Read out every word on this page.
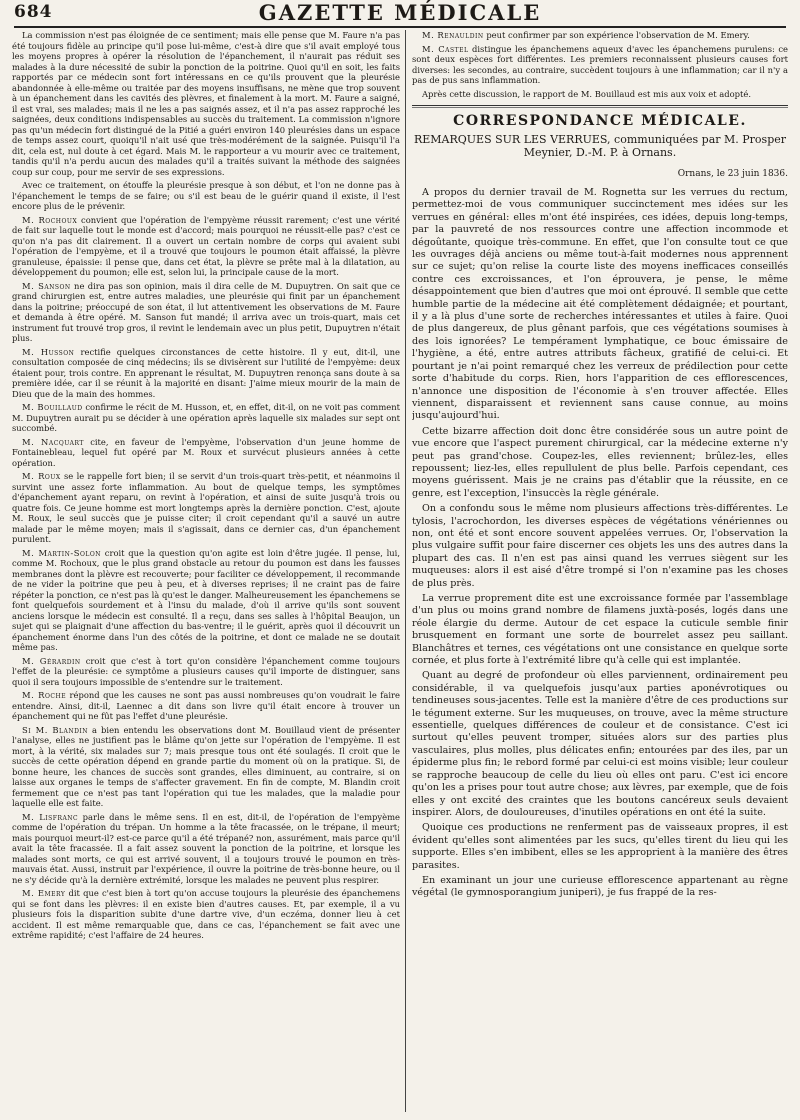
684	GAZETTE MÉDICALE

La commission n'est pas éloignée de ce sentiment; mais elle pense que M. Faure n'a pas été toujours fidèle au principe qu'il pose lui-même, c'est-à dire que s'il avait employé tous les moyens propres à opérer la résolution de l'épanchement, il n'aurait pas réduit ses malades à la dure nécessité de subir la ponction de la poitrine. Quoi qu'il en soit, les faits rapportés par ce médecin sont fort intéressans en ce qu'ils prouvent que la pleurésie abandonnée à elle-même ou traitée par des moyens insuffisans, ne mène que trop souvent à un épanchement dans les cavités des plèvres, et finalement à la mort. M. Faure a saigné, il est vrai, ses malades; mais il ne les a pas saignés assez, et il n'a pas assez rapproché les saignées, deux conditions indispensables au succès du traitement. La commission n'ignore pas qu'un médecin fort distingué de la Pitié a guéri environ 140 pleurésies dans un espace de temps assez court, quoiqu'il n'ait usé que très-modérément de la saignée. Puisqu'il l'a dit, cela est, nul doute à cet égard. Mais M. le rapporteur a vu mourir avec ce traitement, tandis qu'il n'a perdu aucun des malades qu'il a traités suivant la méthode des saignées coup sur coup, pour me servir de ses expressions.

Avec ce traitement, on étouffe la pleurésie presque à son début, et l'on ne donne pas à l'épanchement le temps de se faire; ou s'il est beau de le guérir quand il existe, il l'est encore plus de le prévenir.

M. Rochoux convient que l'opération de l'empyème réussit rarement; c'est une vérité de fait sur laquelle tout le monde est d'accord; mais pourquoi ne réussit-elle pas? c'est ce qu'on n'a pas dit clairement. Il a ouvert un certain nombre de corps qui avaient subi l'opération de l'empyème, et il a trouvé que toujours le poumon était affaissé, la plèvre granuleuse, épaissie: il pense que, dans cet état, la plèvre se prête mal à la dilatation, au développement du poumon; elle est, selon lui, la principale cause de la mort.

M. Sanson ne dira pas son opinion, mais il dira celle de M. Dupuytren. On sait que ce grand chirurgien est, entre autres maladies, une pleurésie qui finit par un épanchement dans la poitrine; préoccupé de son état, il lut attentivement les observations de M. Faure et demanda à être opéré. M. Sanson fut mandé; il arriva avec un trois-quart, mais cet instrument fut trouvé trop gros, il revint le lendemain avec un plus petit, Dupuytren n'était plus.

M. Husson rectifie quelques circonstances de cette histoire. Il y eut, dit-il, une consultation composée de cinq médecins; ils se divisèrent sur l'utilité de l'empyème: deux étaient pour, trois contre. En apprenant le résultat, M. Dupuytren renonça sans doute à sa première idée, car il se réunit à la majorité en disant: J'aime mieux mourir de la main de Dieu que de la main des hommes.

M. Bouillaud confirme le récit de M. Husson, et, en effet, dit-il, on ne voit pas comment M. Dupuytren aurait pu se décider à une opération après laquelle six malades sur sept ont succombé.

M. Nacquart cite, en faveur de l'empyème, l'observation d'un jeune homme de Fontainebleau, lequel fut opéré par M. Roux et survécut plusieurs années à cette opération.

M. Roux se le rappelle fort bien; il se servit d'un trois-quart très-petit, et néanmoins il survint une assez forte inflammation. Au bout de quelque temps, les symptômes d'épanchement ayant reparu, on revint à l'opération, et ainsi de suite jusqu'à trois ou quatre fois. Ce jeune homme est mort longtemps après la dernière ponction. C'est, ajoute M. Roux, le seul succès que je puisse citer; il croit cependant qu'il a sauvé un autre malade par le même moyen; mais il s'agissait, dans ce dernier cas, d'un épanchement purulent.

M. Martin-Solon croit que la question qu'on agite est loin d'être jugée. Il pense, lui, comme M. Rochoux, que le plus grand obstacle au retour du poumon est dans les fausses membranes dont la plèvre est recouverte; pour faciliter ce développement, il recommande de ne vider la poitrine que peu à peu, et à diverses reprises; il ne craint pas de faire répéter la ponction, ce n'est pas là qu'est le danger. Malheureusement les épanchemens se font quelquefois sourdement et à l'insu du malade, d'où il arrive qu'ils sont souvent anciens lorsque le médecin est consulté. Il a reçu, dans ses salles à l'hôpital Beaujon, un sujet qui se plaignait d'une affection du bas-ventre; il le guérit, après quoi il découvrit un épanchement énorme dans l'un des côtés de la poitrine, et dont ce malade ne se doutait même pas.

M. Gérardin croit que c'est à tort qu'on considère l'épanchement comme toujours l'effet de la pleurésie: ce symptôme a plusieurs causes qu'il importe de distinguer, sans quoi il sera toujours impossible de s'entendre sur le traitement.

M. Roche répond que les causes ne sont pas aussi nombreuses qu'on voudrait le faire entendre. Ainsi, dit-il, Laennec a dit dans son livre qu'il était encore à trouver un épanchement qui ne fût pas l'effet d'une pleurésie.

Si M. Blandin a bien entendu les observations dont M. Bouillaud vient de présenter l'analyse, elles ne justifient pas le blâme qu'on jette sur l'opération de l'empyème. Il est mort, à la vérité, six malades sur 7; mais presque tous ont été soulagés. Il croit que le succès de cette opération dépend en grande partie du moment où on la pratique. Si, de bonne heure, les chances de succès sont grandes, elles diminuent, au contraire, si on laisse aux organes le temps de s'affecter gravement. En fin de compte, M. Blandin croit fermement que ce n'est pas tant l'opération qui tue les malades, que la maladie pour laquelle elle est faite.

M. Lisfranc parle dans le même sens. Il en est, dit-il, de l'opération de l'empyème comme de l'opération du trépan. Un homme a la tête fracassée, on le trépane, il meurt; mais pourquoi meurt-il? est-ce parce qu'il a été trépané? non, assurément, mais parce qu'il avait la tête fracassée. Il a fait assez souvent la ponction de la poitrine, et lorsque les malades sont morts, ce qui est arrivé souvent, il a toujours trouvé le poumon en très-mauvais état. Aussi, instruit par l'expérience, il ouvre la poitrine de très-bonne heure, ou il ne s'y décide qu'à la dernière extrémité, lorsque les malades ne peuvent plus respirer.

M. Emery dit que c'est bien à tort qu'on accuse toujours la pleurésie des épanchemens qui se font dans les plèvres: il en existe bien d'autres causes. Et, par exemple, il a vu plusieurs fois la disparition subite d'une dartre vive, d'un eczéma, donner lieu à cet accident. Il est même remarquable que, dans ce cas, l'épanchement se fait avec une extrême rapidité; c'est l'affaire de 24 heures.

M. Renauldin peut confirmer par son expérience l'observation de M. Emery.

M. Castel distingue les épanchemens aqueux d'avec les épanchemens purulens: ce sont deux espèces fort différentes. Les premiers reconnaissent plusieurs causes fort diverses: les secondes, au contraire, succèdent toujours à une inflammation; car il n'y a pas de pus sans inflammation.

Après cette discussion, le rapport de M. Bouillaud est mis aux voix et adopté.

CORRESPONDANCE MÉDICALE.
REMARQUES SUR LES VERRUES, communiquées par M. Prosper Meynier, D.-M. P. à Ornans.
Ornans, le 23 juin 1836.

A propos du dernier travail de M. Rognetta sur les verrues du rectum, permettez-moi de vous communiquer succinctement mes idées sur les verrues en général: elles m'ont été inspirées, ces idées, depuis long-temps, par la pauvreté de nos ressources contre une affection incommode et dégoûtante, quoique très-commune. En effet, que l'on consulte tout ce que les ouvrages déjà anciens ou même tout-à-fait modernes nous apprennent sur ce sujet; qu'on relise la courte liste des moyens inefficaces conseillés contre ces excroissances, et l'on éprouvera, je pense, le même désappointement que bien d'autres que moi ont éprouvé. Il semble que cette humble partie de la médecine ait été complètement dédaignée; et pourtant, il y a là plus d'une sorte de recherches intéressantes et utiles à faire. Quoi de plus dangereux, de plus gênant parfois, que ces végétations soumises à des lois ignorées? Le tempérament lymphatique, ce bouc émissaire de l'hygiène, a été, entre autres attributs fâcheux, gratifié de celui-ci. Et pourtant je n'ai point remarqué chez les verreux de prédilection pour cette sorte d'habitude du corps. Rien, hors l'apparition de ces efflorescences, n'annonce une disposition de l'économie à s'en trouver affectée. Elles viennent, disparaissent et reviennent sans cause connue, au moins jusqu'aujourd'hui.

Cette bizarre affection doit donc être considérée sous un autre point de vue encore que l'aspect purement chirurgical, car la médecine externe n'y peut pas grand'chose. Coupez-les, elles reviennent; brûlez-les, elles repoussent; liez-les, elles repullulent de plus belle. Parfois cependant, ces moyens guérissent. Mais je ne crains pas d'établir que la réussite, en ce genre, est l'exception, l'insuccès la règle générale.

On a confondu sous le même nom plusieurs affections très-différentes. Le tylosis, l'acrochordon, les diverses espèces de végétations vénériennes ou non, ont été et sont encore souvent appelées verrues. Or, l'observation la plus vulgaire suffit pour faire discerner ces objets les uns des autres dans la plupart des cas. Il n'en est pas ainsi quand les verrues siègent sur les muqueuses: alors il est aisé d'être trompé si l'on n'examine pas les choses de plus près.

La verrue proprement dite est une excroissance formée par l'assemblage d'un plus ou moins grand nombre de filamens juxtà-posés, logés dans une réole élargie du derme. Autour de cet espace la cuticule semble finir brusquement en formant une sorte de bourrelet assez peu saillant. Blanchâtres et ternes, ces végétations ont une consistance en quelque sorte cornée, et plus forte à l'extrémité libre qu'à celle qui est implantée.

Quant au degré de profondeur où elles parviennent, ordinairement peu considérable, il va quelquefois jusqu'aux parties aponévrotiques ou tendineuses sous-jacentes. Telle est la manière d'être de ces productions sur le tégument externe. Sur les muqueuses, on trouve, avec la même structure essentielle, quelques différences de couleur et de consistance. C'est ici surtout qu'elles peuvent tromper, situées alors sur des parties plus vasculaires, plus molles, plus délicates enfin; entourées par des iles, par un épiderme plus fin; le rebord formé par celui-ci est moins visible; leur couleur se rapproche beaucoup de celle du lieu où elles ont paru. C'est ici encore qu'on les a prises pour tout autre chose; aux lèvres, par exemple, que de fois elles y ont excité des craintes que les boutons cancéreux seuls devaient inspirer. Alors, de douloureuses, d'inutiles opérations en ont été la suite.

Quoique ces productions ne renferment pas de vaisseaux propres, il est évident qu'elles sont alimentées par les sucs, qu'elles tirent du lieu qui les supporte. Elles s'en imbibent, elles se les approprient à la manière des êtres parasites.

En examinant un jour une curieuse efflorescence appartenant au règne végétal (le gymnosporangium juniperi), je fus frappé de la res-
